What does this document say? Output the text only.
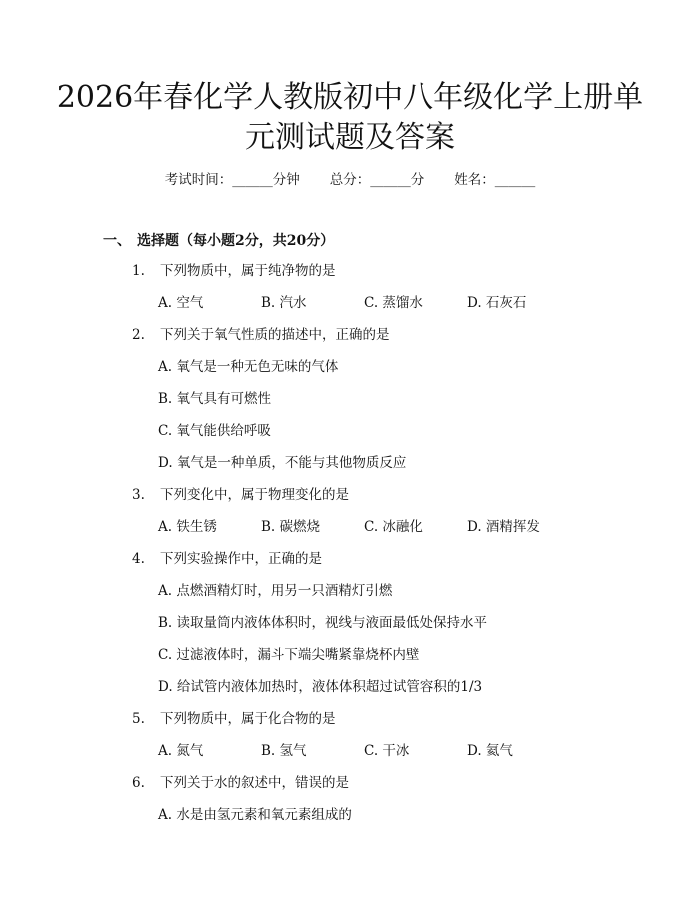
2026年春化学人教版初中八年级化学上册单
元测试题及答案
考试时间：______分钟 总分：______分 姓名：______
一、 选择题（每小题2分，共20分）
1. 下列物质中，属于纯净物的是
A. 空气	B. 汽水	C. 蒸馏水	D. 石灰石
2. 下列关于氧气性质的描述中，正确的是
A. 氧气是一种无色无味的气体
B. 氧气具有可燃性
C. 氧气能供给呼吸
D. 氧气是一种单质，不能与其他物质反应
3. 下列变化中，属于物理变化的是
A. 铁生锈	B. 碳燃烧	C. 冰融化	D. 酒精挥发
4. 下列实验操作中，正确的是
A. 点燃酒精灯时，用另一只酒精灯引燃
B. 读取量筒内液体体积时，视线与液面最低处保持水平
C. 过滤液体时，漏斗下端尖嘴紧靠烧杯内壁
D. 给试管内液体加热时，液体体积超过试管容积的1/3
5. 下列物质中，属于化合物的是
A. 氮气	B. 氢气	C. 干冰	D. 氦气
6. 下列关于水的叙述中，错误的是
A. 水是由氢元素和氧元素组成的
